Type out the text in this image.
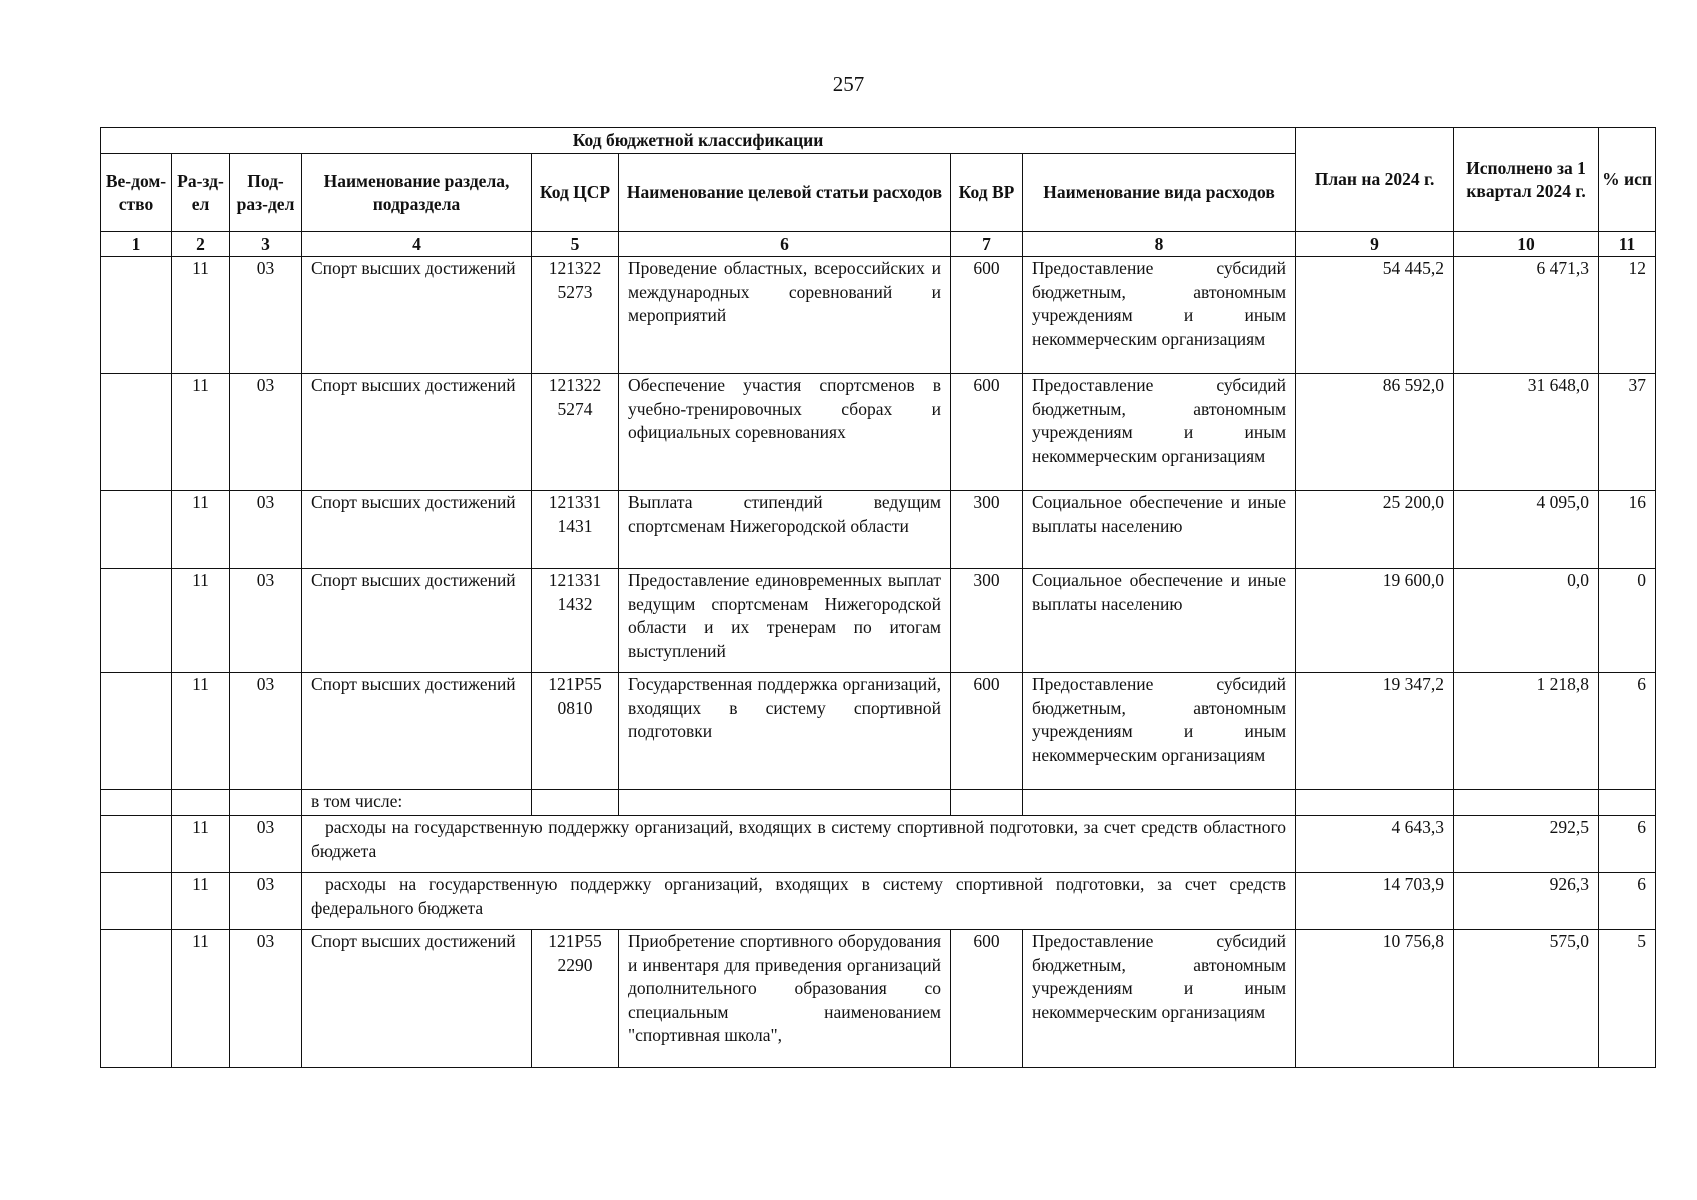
257
Код бюджетной классификации								План на 2024 г.	Исполнено за 1 квартал 2024 г.	% исп
Ве-дом-ство	Ра-зд-ел	Под-раз-дел	Наименование раздела, подраздела	Код ЦСР	Наименование целевой статьи расходов	Код ВР	Наименование вида расходов			
1	2	3	4	5	6	7	8	9	10	11
	11	03	Спорт высших достижений	121322 5273	Проведение областных, всероссийских и международных соревнований и мероприятий	600	Предоставление субсидий бюджетным, автономным учреждениям и иным некоммерческим организациям	54 445,2	6 471,3	12
	11	03	Спорт высших достижений	121322 5274	Обеспечение участия спортсменов в учебно-тренировочных сборах и официальных соревнованиях	600	Предоставление субсидий бюджетным, автономным учреждениям и иным некоммерческим организациям	86 592,0	31 648,0	37
	11	03	Спорт высших достижений	121331 1431	Выплата стипендий ведущим спортсменам Нижегородской области	300	Социальное обеспечение и иные выплаты населению	25 200,0	4 095,0	16
	11	03	Спорт высших достижений	121331 1432	Предоставление единовременных выплат ведущим спортсменам Нижегородской области и их тренерам по итогам выступлений	300	Социальное обеспечение и иные выплаты населению	19 600,0	0,0	0
	11	03	Спорт высших достижений	121P55 0810	Государственная поддержка организаций, входящих в систему спортивной подготовки	600	Предоставление субсидий бюджетным, автономным учреждениям и иным некоммерческим организациям	19 347,2	1 218,8	6
			в том числе:							
	11	03	расходы на государственную поддержку организаций, входящих в систему спортивной подготовки, за счет средств областного бюджета					4 643,3	292,5	6
	11	03	расходы на государственную поддержку организаций, входящих в систему спортивной подготовки, за счет средств федерального бюджета					14 703,9	926,3	6
	11	03	Спорт высших достижений	121P55 2290	Приобретение спортивного оборудования и инвентаря для приведения организаций дополнительного образования со специальным наименованием "спортивная школа",	600	Предоставление субсидий бюджетным, автономным учреждениям и иным некоммерческим организациям	10 756,8	575,0	5
